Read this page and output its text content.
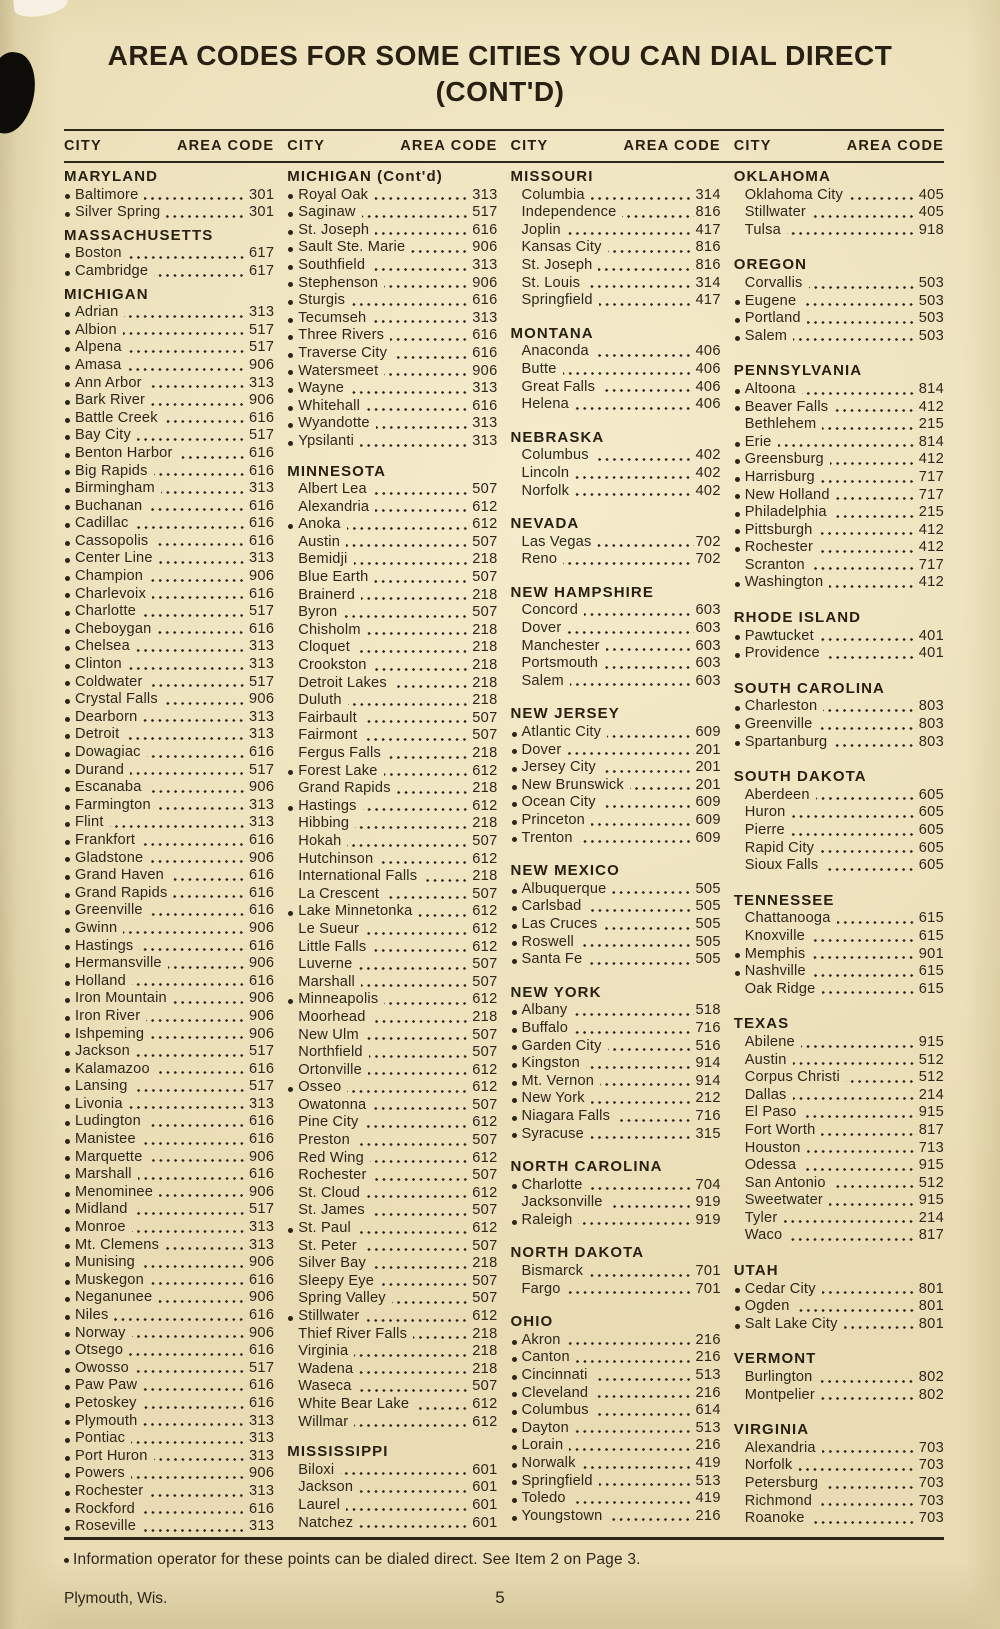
AREA CODES FOR SOME CITIES YOU CAN DIAL DIRECT
(CONT'D)
CITY	AREA CODE CITY	AREA CODE CITY	AREA CODE CITY	AREA CODE
MARYLAND
Baltimore	301
Silver Spring	301
MASSACHUSETTS
Boston	617
Cambridge	617
MICHIGAN
Adrian	313
Albion	517
Alpena	517
Amasa	906
Ann Arbor	313
Bark River	906
Battle Creek	616
Bay City	517
Benton Harbor	616
Big Rapids	616
Birmingham	313
Buchanan	616
Cadillac	616
Cassopolis	616
Center Line	313
Champion	906
Charlevoix	616
Charlotte	517
Cheboygan	616
Chelsea	313
Clinton	313
Coldwater	517
Crystal Falls	906
Dearborn	313
Detroit	313
Dowagiac	616
Durand	517
Escanaba	906
Farmington	313
Flint	313
Frankfort	616
Gladstone	906
Grand Haven	616
Grand Rapids	616
Greenville	616
Gwinn	906
Hastings	616
Hermansville	906
Holland	616
Iron Mountain	906
Iron River	906
Ishpeming	906
Jackson	517
Kalamazoo	616
Lansing	517
Livonia	313
Ludington	616
Manistee	616
Marquette	906
Marshall	616
Menominee	906
Midland	517
Monroe	313
Mt. Clemens	313
Munising	906
Muskegon	616
Neganunee	906
Niles	616
Norway	906
Otsego	616
Owosso	517
Paw Paw	616
Petoskey	616
Plymouth	313
Pontiac	313
Port Huron	313
Powers	906
Rochester	313
Rockford	616
Roseville	313
MICHIGAN (Cont'd)
Royal Oak	313
Saginaw	517
St. Joseph	616
Sault Ste. Marie	906
Southfield	313
Stephenson	906
Sturgis	616
Tecumseh	313
Three Rivers	616
Traverse City	616
Watersmeet	906
Wayne	313
Whitehall	616
Wyandotte	313
Ypsilanti	313
MINNESOTA
Albert Lea	507
Alexandria	612
Anoka	612
Austin	507
Bemidji	218
Blue Earth	507
Brainerd	218
Byron	507
Chisholm	218
Cloquet	218
Crookston	218
Detroit Lakes	218
Duluth	218
Fairbault	507
Fairmont	507
Fergus Falls	218
Forest Lake	612
Grand Rapids	218
Hastings	612
Hibbing	218
Hokah	507
Hutchinson	612
International Falls	218
La Crescent	507
Lake Minnetonka	612
Le Sueur	612
Little Falls	612
Luverne	507
Marshall	507
Minneapolis	612
Moorhead	218
New Ulm	507
Northfield	507
Ortonville	612
Osseo	612
Owatonna	507
Pine City	612
Preston	507
Red Wing	612
Rochester	507
St. Cloud	612
St. James	507
St. Paul	612
St. Peter	507
Silver Bay	218
Sleepy Eye	507
Spring Valley	507
Stillwater	612
Thief River Falls	218
Virginia	218
Wadena	218
Waseca	507
White Bear Lake	612
Willmar	612
MISSISSIPPI
Biloxi	601
Jackson	601
Laurel	601
Natchez	601
MISSOURI
Columbia	314
Independence	816
Joplin	417
Kansas City	816
St. Joseph	816
St. Louis	314
Springfield	417
MONTANA
Anaconda	406
Butte	406
Great Falls	406
Helena	406
NEBRASKA
Columbus	402
Lincoln	402
Norfolk	402
NEVADA
Las Vegas	702
Reno	702
NEW HAMPSHIRE
Concord	603
Dover	603
Manchester	603
Portsmouth	603
Salem	603
NEW JERSEY
Atlantic City	609
Dover	201
Jersey City	201
New Brunswick	201
Ocean City	609
Princeton	609
Trenton	609
NEW MEXICO
Albuquerque	505
Carlsbad	505
Las Cruces	505
Roswell	505
Santa Fe	505
NEW YORK
Albany	518
Buffalo	716
Garden City	516
Kingston	914
Mt. Vernon	914
New York	212
Niagara Falls	716
Syracuse	315
NORTH CAROLINA
Charlotte	704
Jacksonville	919
Raleigh	919
NORTH DAKOTA
Bismarck	701
Fargo	701
OHIO
Akron	216
Canton	216
Cincinnati	513
Cleveland	216
Columbus	614
Dayton	513
Lorain	216
Norwalk	419
Springfield	513
Toledo	419
Youngstown	216
OKLAHOMA
Oklahoma City	405
Stillwater	405
Tulsa	918
OREGON
Corvallis	503
Eugene	503
Portland	503
Salem	503
PENNSYLVANIA
Altoona	814
Beaver Falls	412
Bethlehem	215
Erie	814
Greensburg	412
Harrisburg	717
New Holland	717
Philadelphia	215
Pittsburgh	412
Rochester	412
Scranton	717
Washington	412
RHODE ISLAND
Pawtucket	401
Providence	401
SOUTH CAROLINA
Charleston	803
Greenville	803
Spartanburg	803
SOUTH DAKOTA
Aberdeen	605
Huron	605
Pierre	605
Rapid City	605
Sioux Falls	605
TENNESSEE
Chattanooga	615
Knoxville	615
Memphis	901
Nashville	615
Oak Ridge	615
TEXAS
Abilene	915
Austin	512
Corpus Christi	512
Dallas	214
El Paso	915
Fort Worth	817
Houston	713
Odessa	915
San Antonio	512
Sweetwater	915
Tyler	214
Waco	817
UTAH
Cedar City	801
Ogden	801
Salt Lake City	801
VERMONT
Burlington	802
Montpelier	802
VIRGINIA
Alexandria	703
Norfolk	703
Petersburg	703
Richmond	703
Roanoke	703
Information operator for these points can be dialed direct. See Item 2 on Page 3.
Plymouth, Wis.	5
